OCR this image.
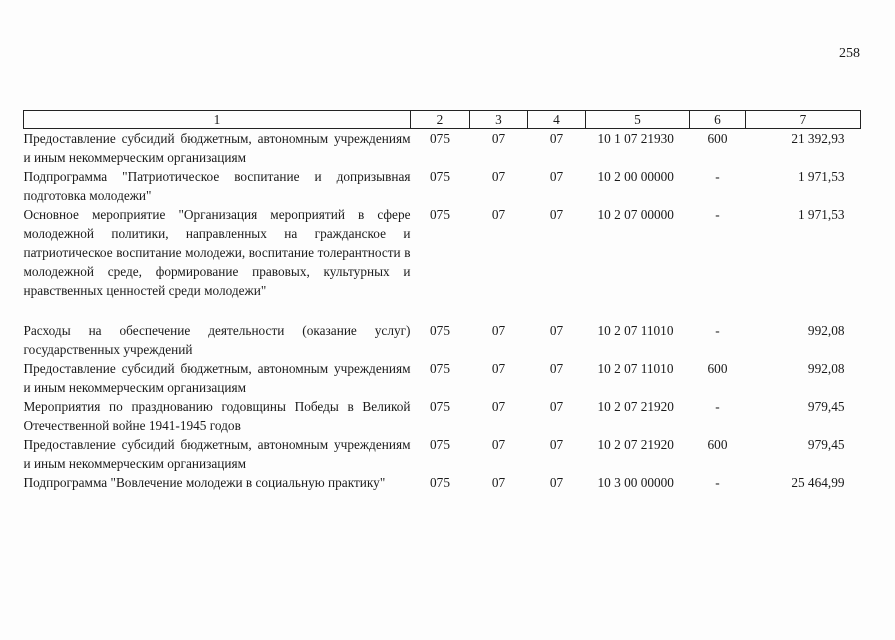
258
1	2	3	4	5	6	7
Предоставление субсидий бюджетным, автономным учреждениям и иным некоммерческим организациям	075	07	07	10 1 07 21930	600	21 392,93
Подпрограмма "Патриотическое воспитание и допризывная подготовка молодежи"	075	07	07	10 2 00 00000	-	1 971,53
Основное мероприятие "Организация мероприятий в сфере молодежной политики, направленных на гражданское и патриотическое воспитание молодежи, воспитание толерантности в молодежной среде, формирование правовых, культурных и нравственных ценностей среди молодежи"	075	07	07	10 2 07 00000	-	1 971,53
Расходы на обеспечение деятельности (оказание услуг) государственных учреждений	075	07	07	10 2 07 11010	-	992,08
Предоставление субсидий бюджетным, автономным учреждениям и иным некоммерческим организациям	075	07	07	10 2 07 11010	600	992,08
Мероприятия по празднованию годовщины Победы в Великой Отечественной войне 1941-1945 годов	075	07	07	10 2 07 21920	-	979,45
Предоставление субсидий бюджетным, автономным учреждениям и иным некоммерческим организациям	075	07	07	10 2 07 21920	600	979,45
Подпрограмма "Вовлечение молодежи в социальную практику"	075	07	07	10 3 00 00000	-	25 464,99
